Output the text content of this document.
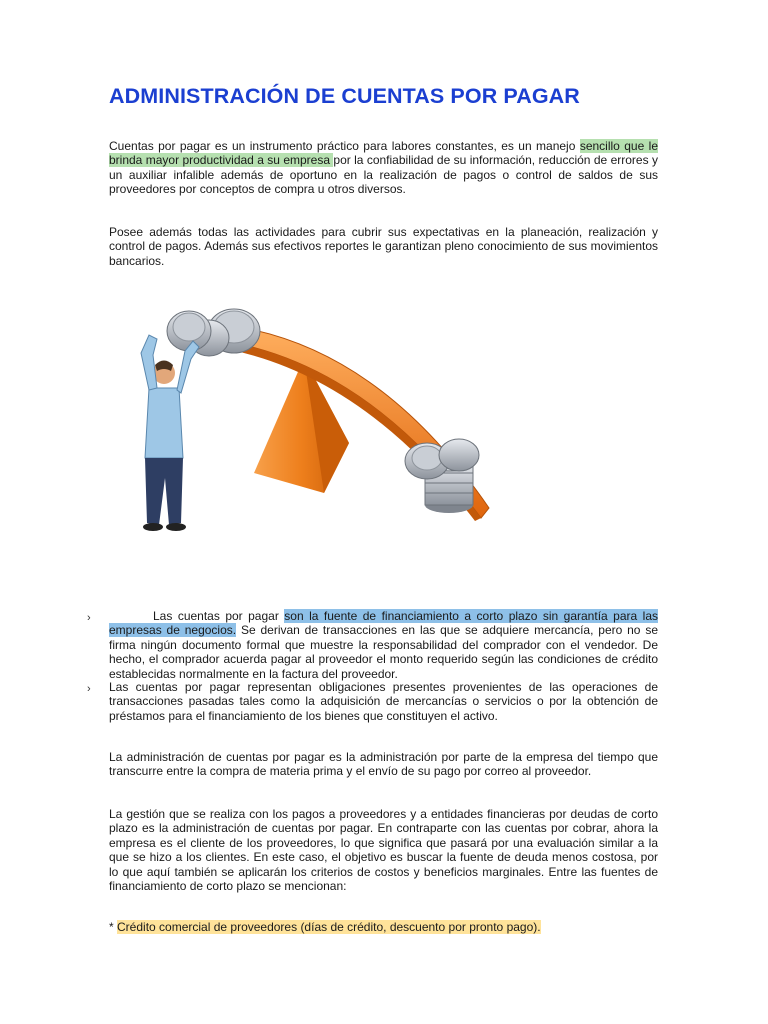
ADMINISTRACIÓN DE CUENTAS POR PAGAR

Cuentas por pagar es un instrumento práctico para labores constantes, es un manejo sencillo que le brinda mayor productividad a su empresa por la confiabilidad de su información, reducción de errores y un auxiliar infalible además de oportuno en la realización de pagos o control de saldos de sus proveedores por conceptos de compra u otros diversos.

Posee además todas las actividades para cubrir sus expectativas en la planeación, realización y control de pagos. Además sus efectivos reportes le garantizan pleno conocimiento de sus movimientos bancarios.

›	Las cuentas por pagar son la fuente de financiamiento a corto plazo sin garantía para las empresas de negocios. Se derivan de transacciones en las que se adquiere mercancía, pero no se firma ningún documento formal que muestre la responsabilidad del comprador con el vendedor. De hecho, el comprador acuerda pagar al proveedor el monto requerido según las condiciones de crédito establecidas normalmente en la factura del proveedor.

› Las cuentas por pagar representan obligaciones presentes provenientes de las operaciones de transacciones pasadas tales como la adquisición de mercancías o servicios o por la obtención de préstamos para el financiamiento de los bienes que constituyen el activo.

La administración de cuentas por pagar es la administración por parte de la empresa del tiempo que transcurre entre la compra de materia prima y el envío de su pago por correo al proveedor.

La gestión que se realiza con los pagos a proveedores y a entidades financieras por deudas de corto plazo es la administración de cuentas por pagar. En contraparte con las cuentas por cobrar, ahora la empresa es el cliente de los proveedores, lo que significa que pasará por una evaluación similar a la que se hizo a los clientes. En este caso, el objetivo es buscar la fuente de deuda menos costosa, por lo que aquí también se aplicarán los criterios de costos y beneficios marginales. Entre las fuentes de financiamiento de corto plazo se mencionan:

* Crédito comercial de proveedores (días de crédito, descuento por pronto pago).
